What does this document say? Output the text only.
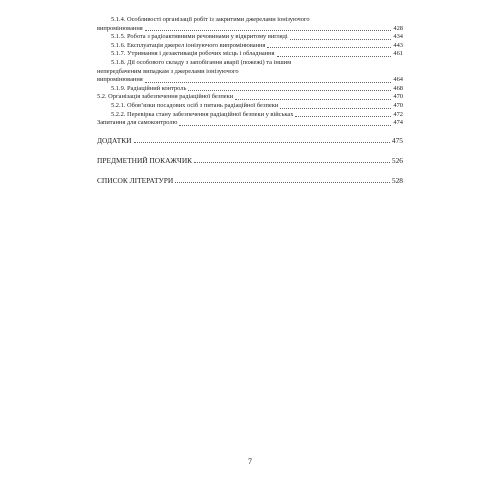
5.1.4. Особливості організації робіт із закритими джерелами іонізуючого
випромінювання	428
5.1.5. Робота з радіоактивними речовинами у відкритому вигляді	434
5.1.6. Експлуатація джерел іонізуючого випромінювання	443
5.1.7. Утримання і дезактивація робочих місць і обладнання	461
5.1.8. Дії особового складу з запобігання аварії (пожежі) та іншим
непередбаченим випадкам з джерелами іонізуючого
випромінювання	464
5.1.9. Радіаційний контроль	468
5.2. Організація забезпечення радіаційної безпеки	470
5.2.1. Обов’язки посадових осіб з питань радіаційної безпеки	470
5.2.2. Перевірка стану забезпечення радіаційної безпеки у військах	472
Запитання для самоконтролю	474
ДОДАТКИ	475
ПРЕДМЕТНИЙ ПОКАЖЧИК	526
СПИСОК ЛІТЕРАТУРИ	528
7
